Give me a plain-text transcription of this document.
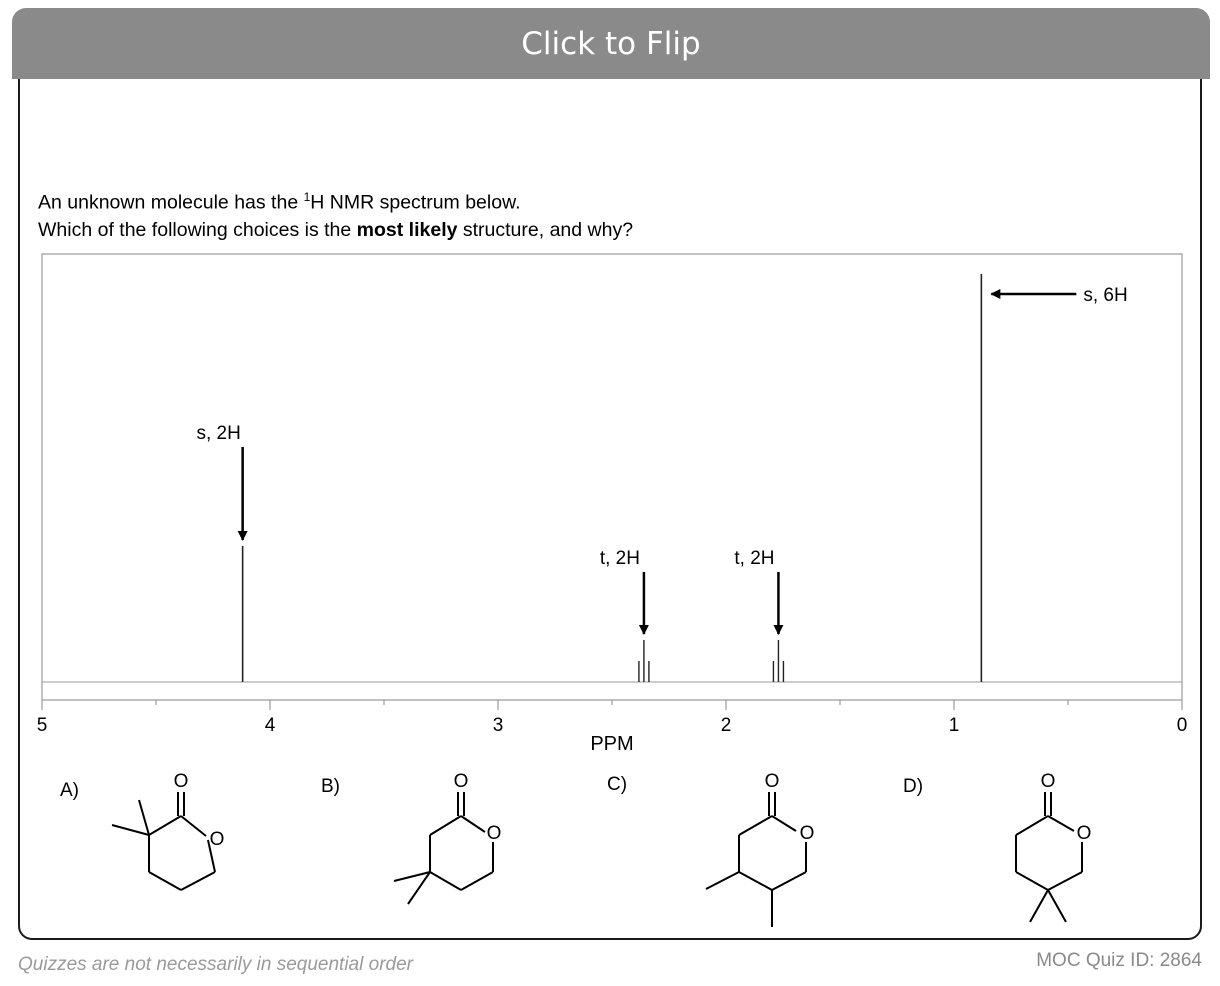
Click to Flip
An unknown molecule has the $^1$H NMR spectrum below.
Which of the following choices is the most likely structure, and why?
5	4	3	2	1	0
s, 2H
t, 2H	t, 2H
s, 6H
PPM
A)	B)	C)	D)
O
O
O
O
O
O
O
O
Quizzes are not necessarily in sequential order	MOC Quiz ID: 2864
